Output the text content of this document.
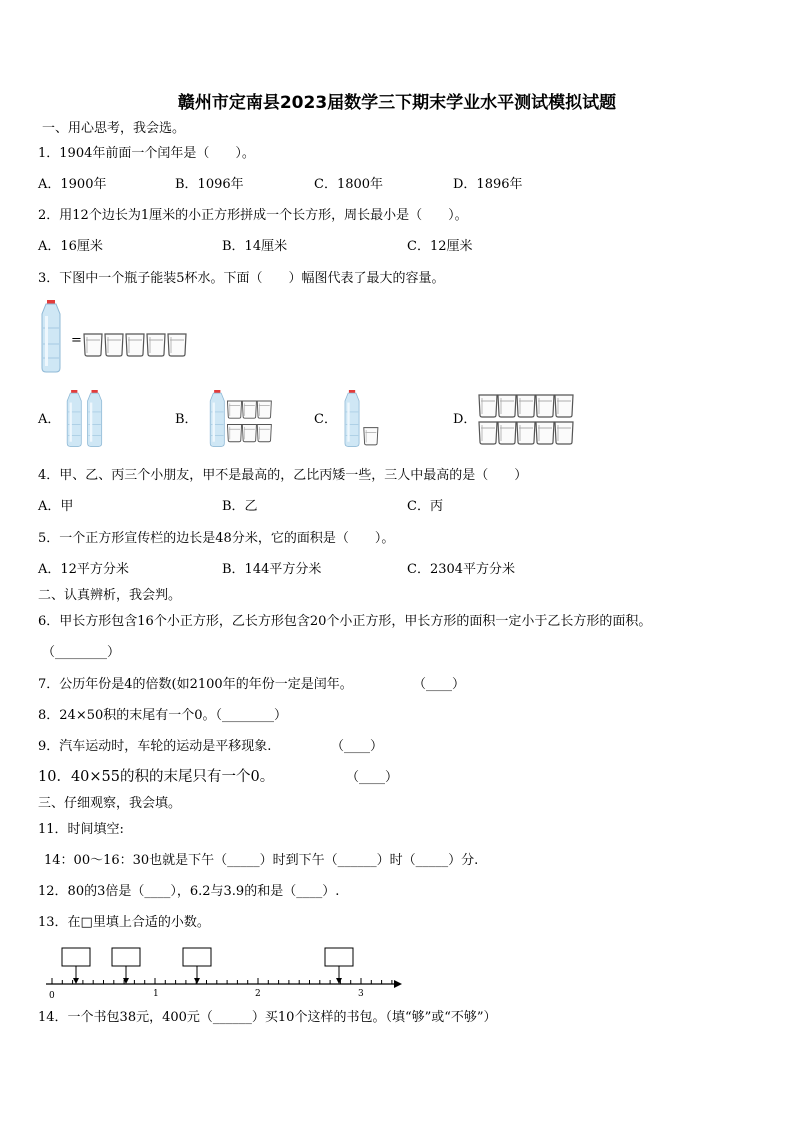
赣州市定南县2023届数学三下期末学业水平测试模拟试题
一、用心思考，我会选。
1．1904年前面一个闰年是（　　）。
A．1900年	B．1096年	C．1800年	D．1896年
2．用12个边长为1厘米的小正方形拼成一个长方形，周长最小是（　　）。
A．16厘米	B．14厘米	C．12厘米
3．下图中一个瓶子能装5杯水。下面（　　）幅图代表了最大的容量。
=
A．	B．	C．	D．
4．甲、乙、丙三个小朋友，甲不是最高的，乙比丙矮一些，三人中最高的是（　　）
A．甲	B．乙	C．丙
5．一个正方形宣传栏的边长是48分米，它的面积是（　　）。
A．12平方分米	B．144平方分米	C．2304平方分米
二、认真辨析，我会判。
6．甲长方形包含16个小正方形，乙长方形包含20个小正方形，甲长方形的面积一定小于乙长方形的面积。
（________）
7．公历年份是4的倍数(如2100年的年份一定是闰年。	（____）
8．24×50积的末尾有一个0。（________）
9．汽车运动时，车轮的运动是平移现象.	（____）
10．40×55的积的末尾只有一个0。	（____）
三、仔细观察，我会填。
11．时间填空:
14：00～16：30也就是下午（_____）时到下午（______）时（_____）分.
12．80的3倍是（____），6.2与3.9的和是（____）.
13．在□里填上合适的小数。
0	1	2	3
14．一个书包38元，400元（______）买10个这样的书包。（填“够”或“不够”）
